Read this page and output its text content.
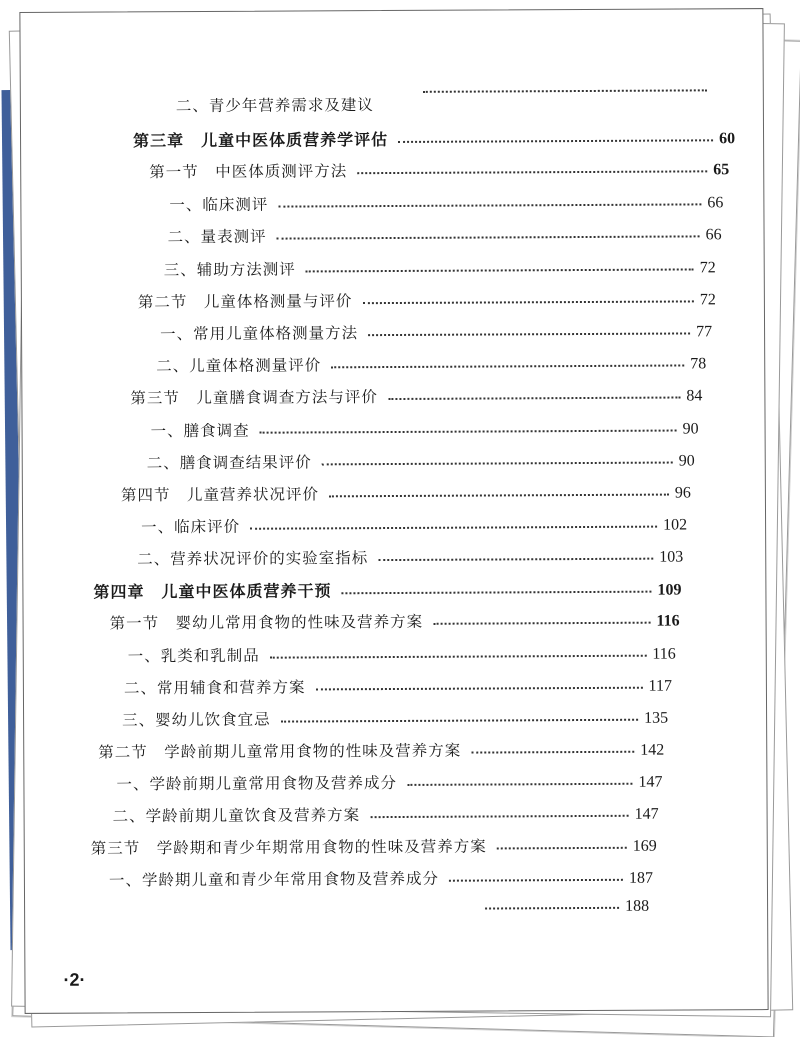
二、青少年营养需求及建议
第三章　儿童中医体质营养学评估	60
第一节　中医体质测评方法	65
一、临床测评	66
二、量表测评	66
三、辅助方法测评	72
第二节　儿童体格测量与评价	72
一、常用儿童体格测量方法	77
二、儿童体格测量评价	78
第三节　儿童膳食调查方法与评价	84
一、膳食调查	90
二、膳食调查结果评价	90
第四节　儿童营养状况评价	96
一、临床评价	102
二、营养状况评价的实验室指标	103
第四章　儿童中医体质营养干预	109
第一节　婴幼儿常用食物的性味及营养方案	116
一、乳类和乳制品	116
二、常用辅食和营养方案	117
三、婴幼儿饮食宜忌	135
第二节　学龄前期儿童常用食物的性味及营养方案	142
一、学龄前期儿童常用食物及营养成分	147
二、学龄前期儿童饮食及营养方案	147
第三节　学龄期和青少年期常用食物的性味及营养方案	169
一、学龄期儿童和青少年常用食物及营养成分	187
188
·2·
